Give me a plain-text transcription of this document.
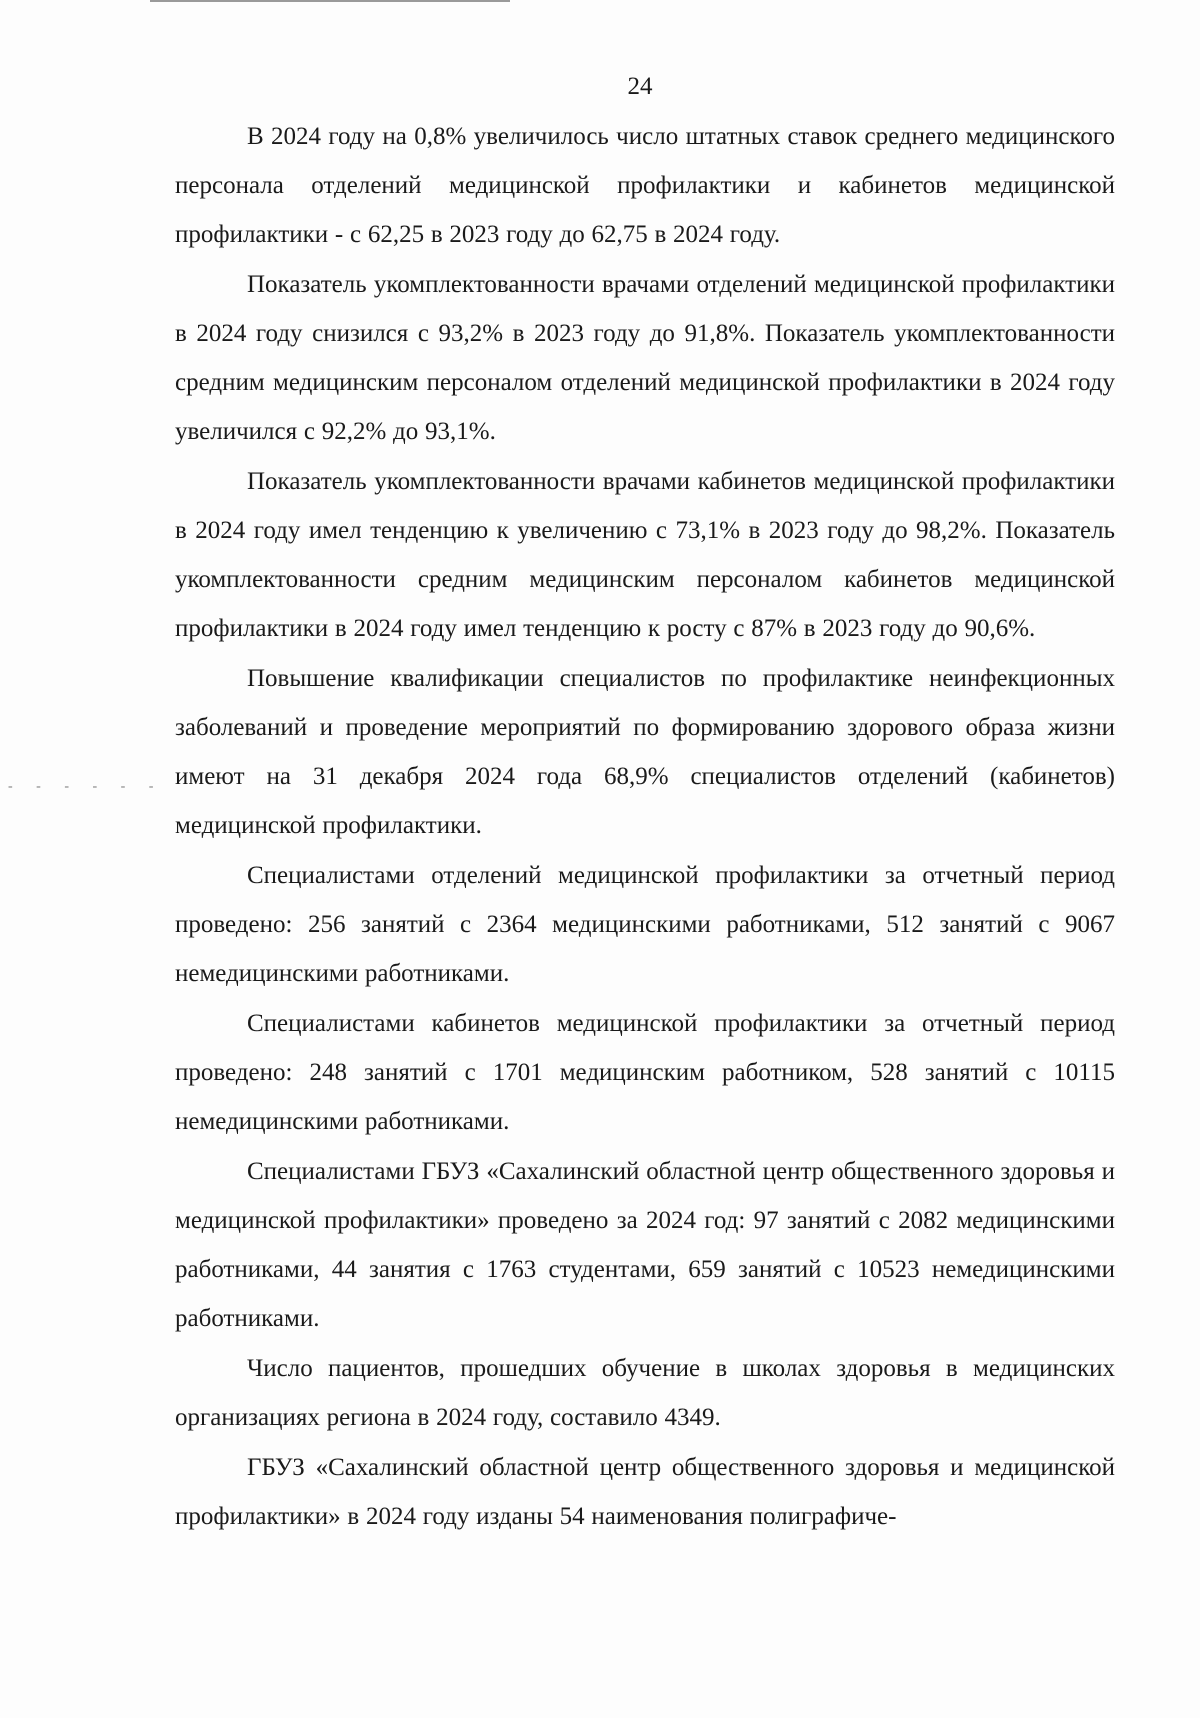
- - - - - -
24

В 2024 году на 0,8% увеличилось число штатных ставок среднего медицинского персонала отделений медицинской профилактики и кабинетов медицинской профилактики - с 62,25 в 2023 году до 62,75 в 2024 году.

Показатель укомплектованности врачами отделений медицинской профилактики в 2024 году снизился с 93,2% в 2023 году до 91,8%. Показатель укомплектованности средним медицинским персоналом отделений медицинской профилактики в 2024 году увеличился с 92,2% до 93,1%.

Показатель укомплектованности врачами кабинетов медицинской профилактики в 2024 году имел тенденцию к увеличению с 73,1% в 2023 году до 98,2%. Показатель укомплектованности средним медицинским персоналом кабинетов медицинской профилактики в 2024 году имел тенденцию к росту с 87% в 2023 году до 90,6%.

Повышение квалификации специалистов по профилактике неинфекционных заболеваний и проведение мероприятий по формированию здорового образа жизни имеют на 31 декабря 2024 года 68,9% специалистов отделений (кабинетов) медицинской профилактики.

Специалистами отделений медицинской профилактики за отчетный период проведено: 256 занятий с 2364 медицинскими работниками, 512 занятий с 9067 немедицинскими работниками.

Специалистами кабинетов медицинской профилактики за отчетный период проведено: 248 занятий с 1701 медицинским работником, 528 занятий с 10115 немедицинскими работниками.

Специалистами ГБУЗ «Сахалинский областной центр общественного здоровья и медицинской профилактики» проведено за 2024 год: 97 занятий с 2082 медицинскими работниками, 44 занятия с 1763 студентами, 659 занятий с 10523 немедицинскими работниками.

Число пациентов, прошедших обучение в школах здоровья в медицинских организациях региона в 2024 году, составило 4349.

ГБУЗ «Сахалинский областной центр общественного здоровья и медицинской профилактики» в 2024 году изданы 54 наименования полиграфиче-
